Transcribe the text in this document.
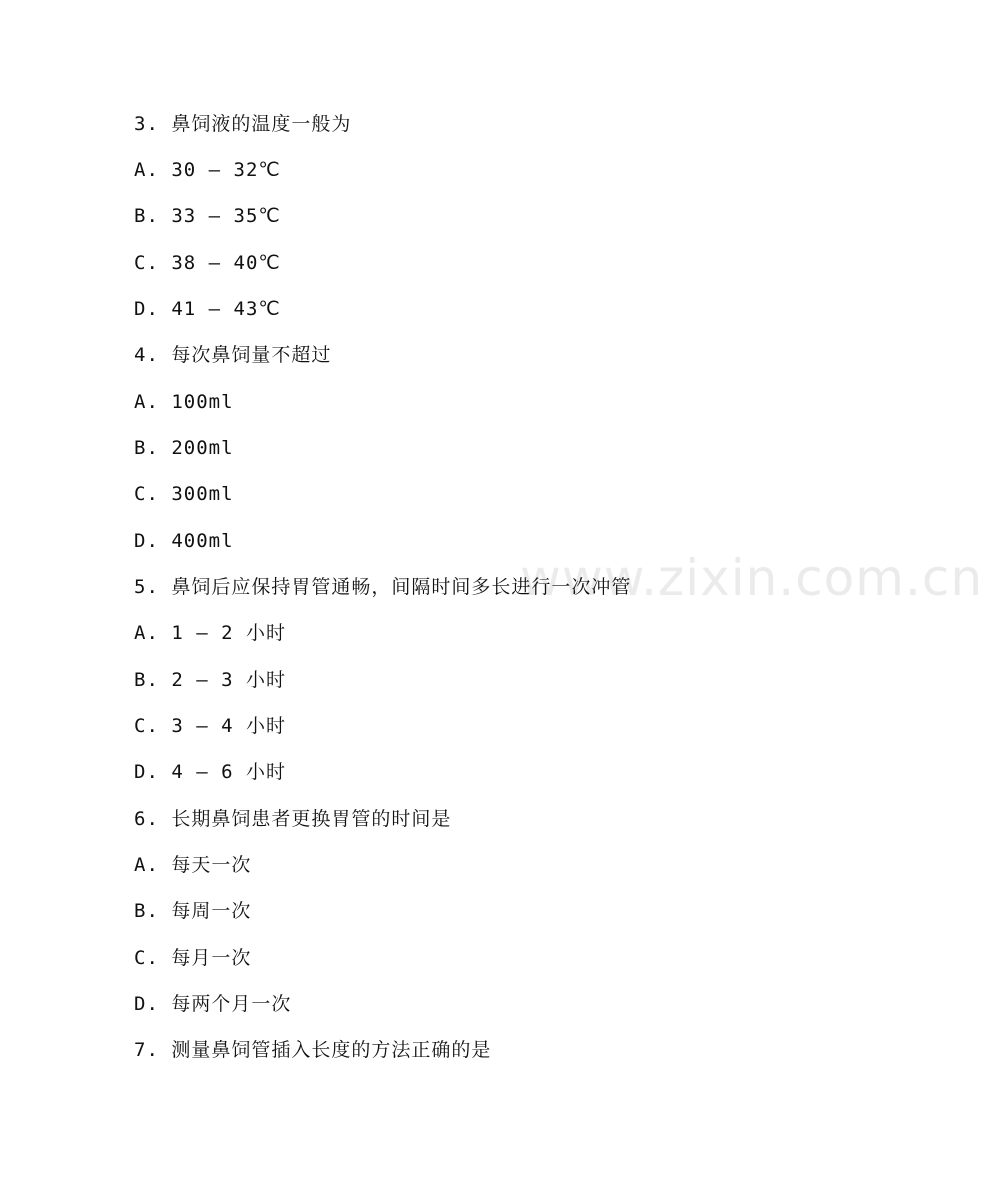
www.zixin.com.cn
3. 鼻饲液的温度一般为
A. 30 – 32℃
B. 33 – 35℃
C. 38 – 40℃
D. 41 – 43℃
4. 每次鼻饲量不超过
A. 100ml
B. 200ml
C. 300ml
D. 400ml
5. 鼻饲后应保持胃管通畅，间隔时间多长进行一次冲管
A. 1 – 2 小时
B. 2 – 3 小时
C. 3 – 4 小时
D. 4 – 6 小时
6. 长期鼻饲患者更换胃管的时间是
A. 每天一次
B. 每周一次
C. 每月一次
D. 每两个月一次
7. 测量鼻饲管插入长度的方法正确的是
